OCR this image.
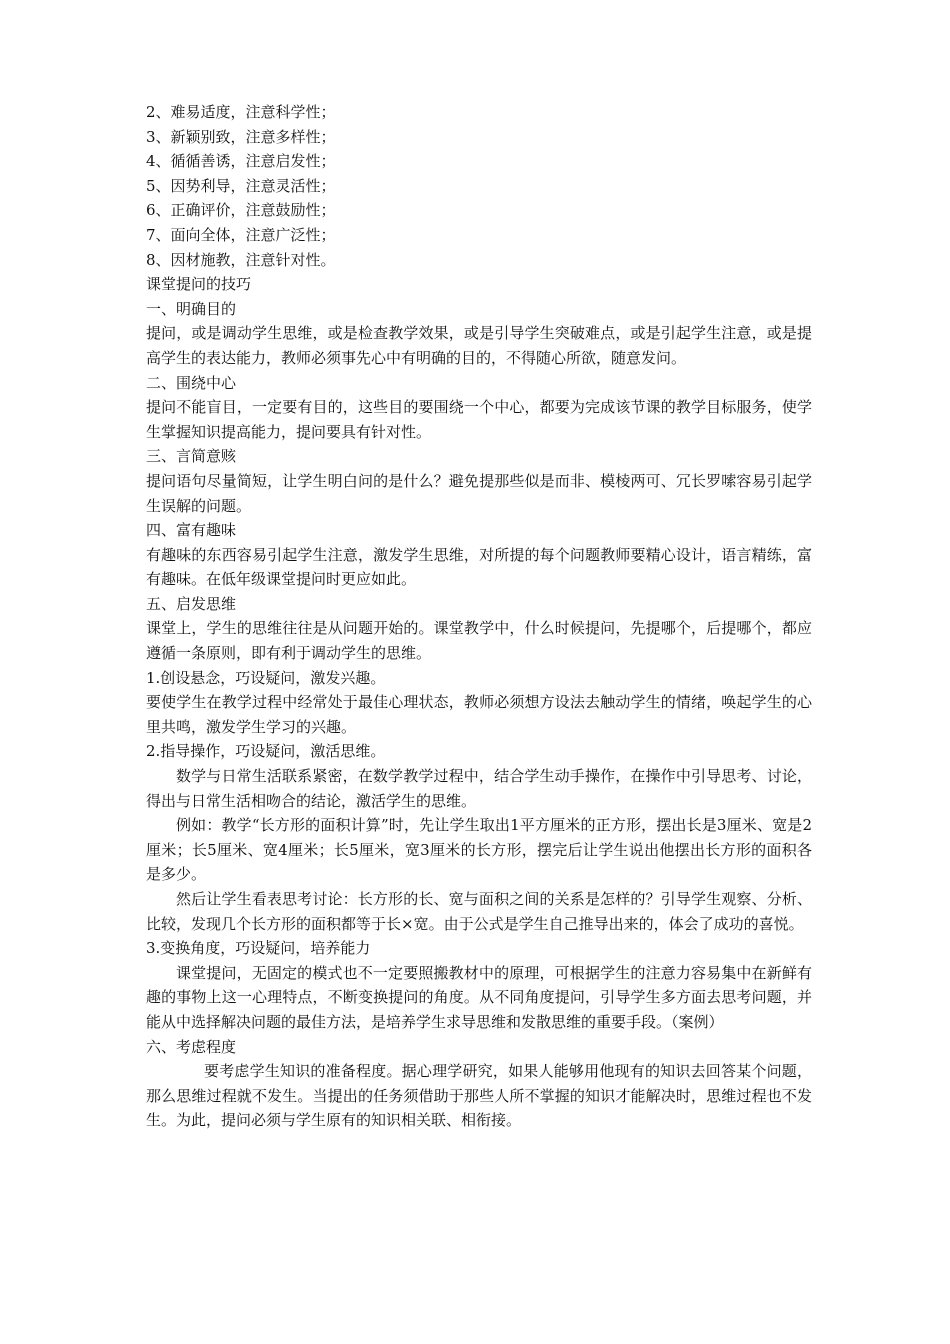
2、难易适度，注意科学性；

3、新颖别致，注意多样性；

4、循循善诱，注意启发性；

5、因势利导，注意灵活性；

6、正确评价，注意鼓励性；

7、面向全体，注意广泛性；

8、因材施教，注意针对性。

课堂提问的技巧

一、明确目的

提问，或是调动学生思维，或是检查教学效果，或是引导学生突破难点，或是引起学生注意，或是提高学生的表达能力，教师必须事先心中有明确的目的，不得随心所欲，随意发问。

二、围绕中心

提问不能盲目，一定要有目的，这些目的要围绕一个中心，都要为完成该节课的教学目标服务，使学生掌握知识提高能力，提问要具有针对性。

三、言简意赅

提问语句尽量简短，让学生明白问的是什么？避免提那些似是而非、模棱两可、冗长罗嗦容易引起学生误解的问题。

四、富有趣味

有趣味的东西容易引起学生注意，激发学生思维，对所提的每个问题教师要精心设计，语言精练，富有趣味。在低年级课堂提问时更应如此。

五、启发思维

课堂上，学生的思维往往是从问题开始的。课堂教学中，什么时候提问，先提哪个，后提哪个，都应遵循一条原则，即有利于调动学生的思维。

1.创设悬念，巧设疑问，激发兴趣。

要使学生在教学过程中经常处于最佳心理状态，教师必须想方设法去触动学生的情绪，唤起学生的心里共鸣，激发学生学习的兴趣。

2.指导操作，巧设疑问，激活思维。

数学与日常生活联系紧密，在数学教学过程中，结合学生动手操作，在操作中引导思考、讨论，得出与日常生活相吻合的结论，激活学生的思维。

例如：教学“长方形的面积计算”时，先让学生取出1平方厘米的正方形，摆出长是3厘米、宽是2厘米；长5厘米、宽4厘米；长5厘米，宽3厘米的长方形，摆完后让学生说出他摆出长方形的面积各是多少。

然后让学生看表思考讨论：长方形的长、宽与面积之间的关系是怎样的？引导学生观察、分析、比较，发现几个长方形的面积都等于长×宽。由于公式是学生自己推导出来的，体会了成功的喜悦。

3.变换角度，巧设疑问，培养能力

课堂提问，无固定的模式也不一定要照搬教材中的原理，可根据学生的注意力容易集中在新鲜有趣的事物上这一心理特点，不断变换提问的角度。从不同角度提问，引导学生多方面去思考问题，并能从中选择解决问题的最佳方法，是培养学生求导思维和发散思维的重要手段。（案例）

六、考虑程度

要考虑学生知识的准备程度。据心理学研究，如果人能够用他现有的知识去回答某个问题，那么思维过程就不发生。当提出的任务须借助于那些人所不掌握的知识才能解决时，思维过程也不发生。为此，提问必须与学生原有的知识相关联、相衔接。
